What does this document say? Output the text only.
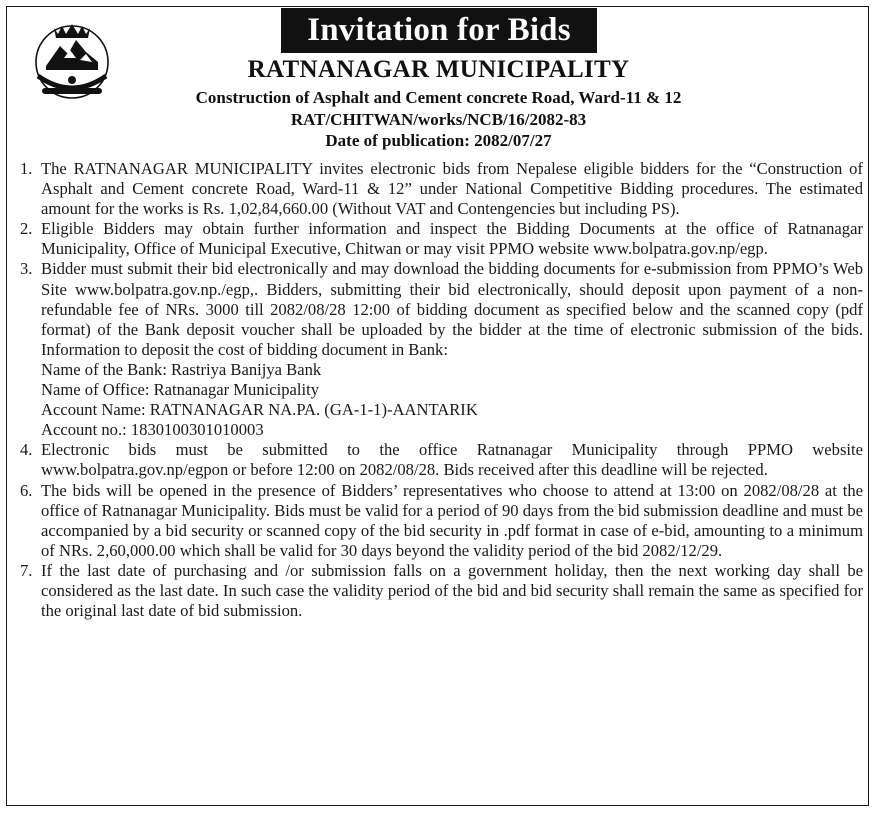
Invitation for Bids
RATNANAGAR MUNICIPALITY
Construction of Asphalt and Cement concrete Road, Ward-11 & 12
RAT/CHITWAN/works/NCB/16/2082-83
Date of publication: 2082/07/27
1. The RATNANAGAR MUNICIPALITY invites electronic bids from Nepalese eligible bidders for the “Construction of Asphalt and Cement concrete Road, Ward-11 & 12” under National Competitive Bidding procedures. The estimated amount for the works is Rs. 1,02,84,660.00 (Without VAT and Contengencies but including PS).

2. Eligible Bidders may obtain further information and inspect the Bidding Documents at the office of Ratnanagar Municipality, Office of Municipal Executive, Chitwan or may visit PPMO website www.bolpatra.gov.np/egp.

3. Bidder must submit their bid electronically and may download the bidding documents for e-submission from PPMO’s Web Site www.bolpatra.gov.np./egp,. Bidders, submitting their bid electronically, should deposit upon payment of a non-refundable fee of NRs. 3000 till 2082/08/28 12:00 of bidding document as specified below and the scanned copy (pdf format) of the Bank deposit voucher shall be uploaded by the bidder at the time of electronic submission of the bids. Information to deposit the cost of bidding document in Bank:

Name of the Bank: Rastriya Banijya Bank

Name of Office: Ratnanagar Municipality

Account Name: RATNANAGAR NA.PA. (GA-1-1)-AANTARIK

Account no.: 1830100301010003

4. Electronic bids must be submitted to the office Ratnanagar Municipality through PPMO website www.bolpatra.gov.np/egpon or before 12:00 on 2082/08/28. Bids received after this deadline will be rejected.

6. The bids will be opened in the presence of Bidders’ representatives who choose to attend at 13:00 on 2082/08/28 at the office of Ratnanagar Municipality. Bids must be valid for a period of 90 days from the bid submission deadline and must be accompanied by a bid security or scanned copy of the bid security in .pdf format in case of e-bid, amounting to a minimum of NRs. 2,60,000.00 which shall be valid for 30 days beyond the validity period of the bid 2082/12/29.

7. If the last date of purchasing and /or submission falls on a government holiday, then the next working day shall be considered as the last date. In such case the validity period of the bid and bid security shall remain the same as specified for the original last date of bid submission.
